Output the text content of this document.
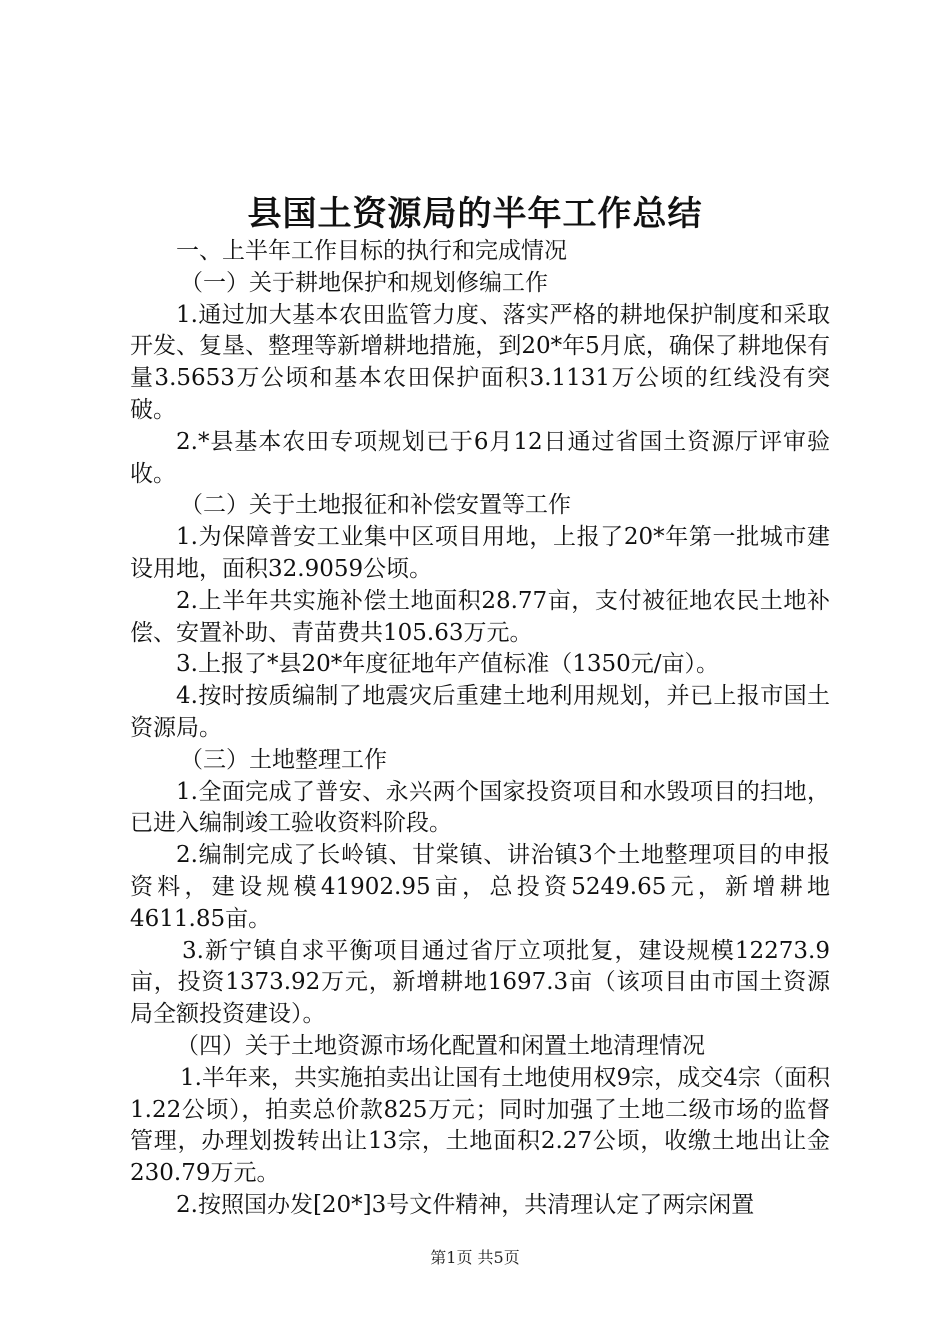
县国土资源局的半年工作总结

一、上半年工作目标的执行和完成情况

（一）关于耕地保护和规划修编工作

1.通过加大基本农田监管力度、落实严格的耕地保护制度和采取开发、复垦、整理等新增耕地措施，到20*年5月底，确保了耕地保有量3.5653万公顷和基本农田保护面积3.1131万公顷的红线没有突破。

2.*县基本农田专项规划已于6月12日通过省国土资源厅评审验收。

（二）关于土地报征和补偿安置等工作

1.为保障普安工业集中区项目用地，上报了20*年第一批城市建设用地，面积32.9059公顷。

2.上半年共实施补偿土地面积28.77亩，支付被征地农民土地补偿、安置补助、青苗费共105.63万元。

3.上报了*县20*年度征地年产值标准（1350元/亩）。

4.按时按质编制了地震灾后重建土地利用规划，并已上报市国土资源局。

（三）土地整理工作

1.全面完成了普安、永兴两个国家投资项目和水毁项目的扫地，已进入编制竣工验收资料阶段。

2.编制完成了长岭镇、甘棠镇、讲治镇3个土地整理项目的申报资料，建设规模41902.95亩，总投资5249.65元，新增耕地4611.85亩。

3.新宁镇自求平衡项目通过省厅立项批复，建设规模12273.9亩，投资1373.92万元，新增耕地1697.3亩（该项目由市国土资源局全额投资建设）。

（四）关于土地资源市场化配置和闲置土地清理情况

1.半年来，共实施拍卖出让国有土地使用权9宗，成交4宗（面积1.22公顷），拍卖总价款825万元；同时加强了土地二级市场的监督管理，办理划拨转出让13宗，土地面积2.27公顷，收缴土地出让金230.79万元。

2.按照国办发[20*]3号文件精神，共清理认定了两宗闲置

第1页 共5页
